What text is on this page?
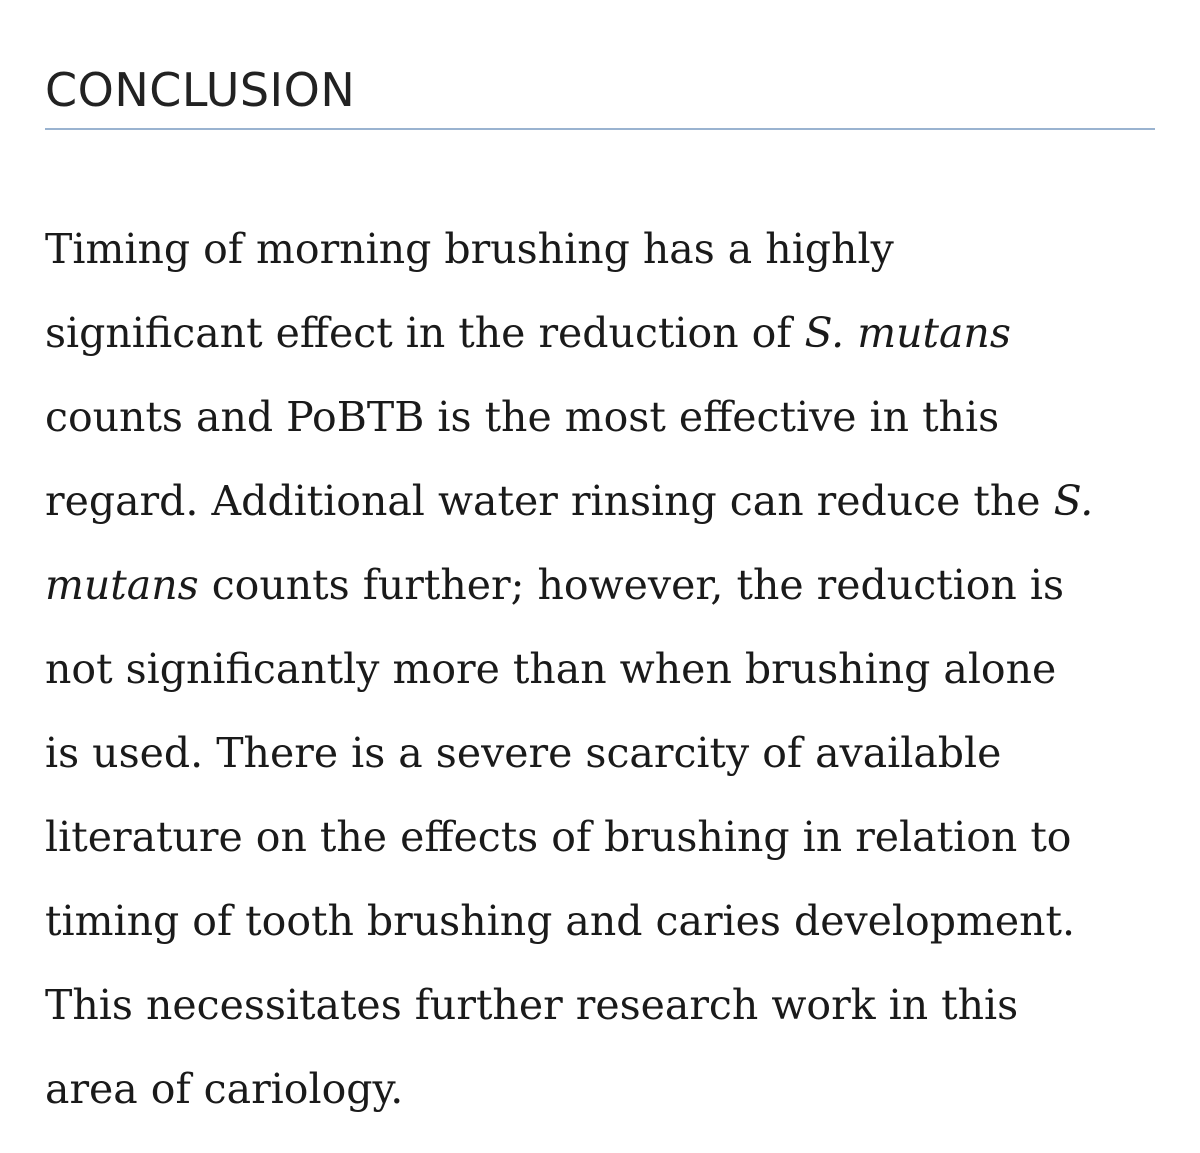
CONCLUSION

Timing of morning brushing has a highly
significant effect in the reduction of S. mutans
counts and PoBTB is the most effective in this
regard. Additional water rinsing can reduce the S.
mutans counts further; however, the reduction is
not significantly more than when brushing alone
is used. There is a severe scarcity of available
literature on the effects of brushing in relation to
timing of tooth brushing and caries development.
This necessitates further research work in this
area of cariology.
